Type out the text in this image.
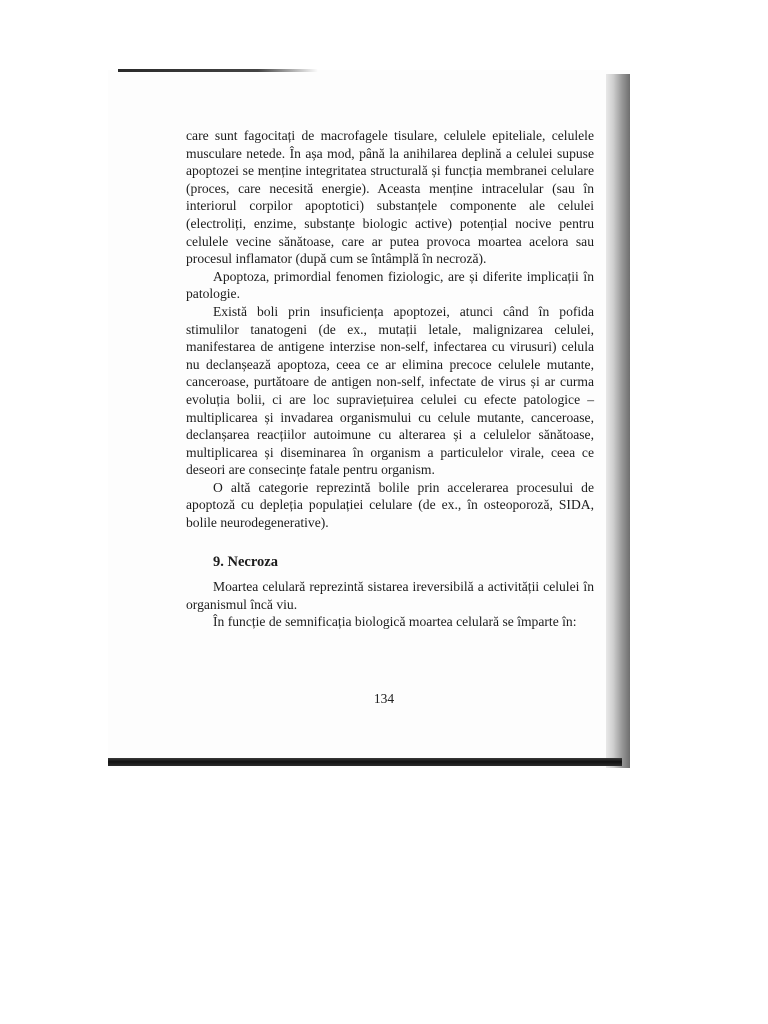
care sunt fagocitați de macrofagele tisulare, celulele epiteliale, celulele musculare netede. În așa mod, până la anihilarea deplină a celulei supuse apoptozei se menține integritatea structurală și funcția membranei celulare (proces, care necesită energie). Aceasta menține intracelular (sau în interiorul corpilor apoptotici) substanțele componente ale celulei (electroliți, enzime, substanțe biologic active) potențial nocive pentru celulele vecine sănătoase, care ar putea provoca moartea acelora sau procesul inflamator (după cum se întâmplă în necroză).

Apoptoza, primordial fenomen fiziologic, are și diferite implicații în patologie.

Există boli prin insuficiența apoptozei, atunci când în pofida stimulilor tanatogeni (de ex., mutații letale, malignizarea celulei, manifestarea de antigene interzise non-self, infectarea cu virusuri) celula nu declanșează apoptoza, ceea ce ar elimina precoce celulele mutante, canceroase, purtătoare de antigen non-self, infectate de virus și ar curma evoluția bolii, ci are loc supraviețuirea celulei cu efecte patologice – multiplicarea și invadarea organismului cu celule mutante, canceroase, declanșarea reacțiilor autoimune cu alterarea și a celulelor sănătoase, multiplicarea și diseminarea în organism a particulelor virale, ceea ce deseori are consecințe fatale pentru organism.

O altă categorie reprezintă bolile prin accelerarea procesului de apoptoză cu depleția populației celulare (de ex., în osteoporoză, SIDA, bolile neurodegenerative).

9. Necroza

Moartea celulară reprezintă sistarea ireversibilă a activității celulei în organismul încă viu.

În funcție de semnificația biologică moartea celulară se împarte în:

134
